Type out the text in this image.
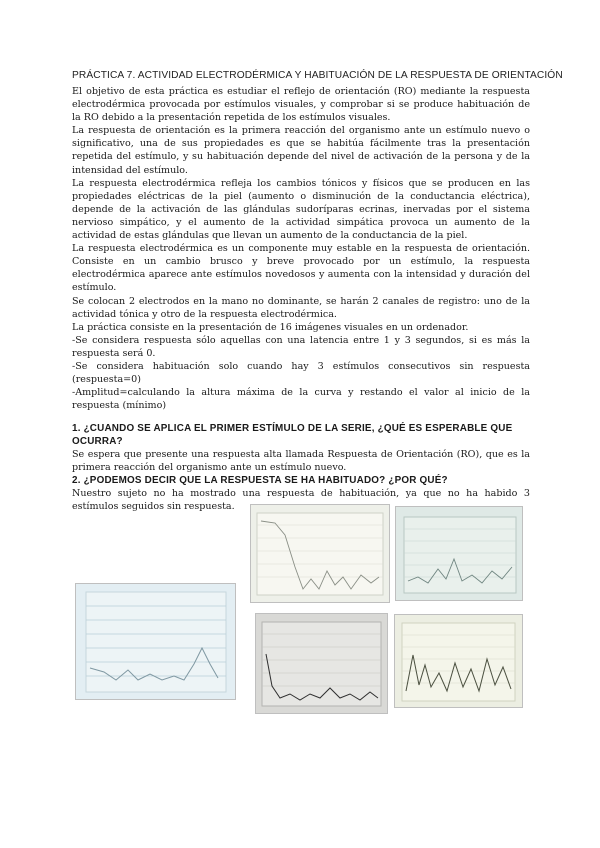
PRÁCTICA 7. ACTIVIDAD ELECTRODÉRMICA Y HABITUACIÓN DE LA RESPUESTA DE ORIENTACIÓN

El objetivo de esta práctica es estudiar el reflejo de orientación (RO) mediante la respuesta electrodérmica provocada por estímulos visuales, y comprobar si se produce habituación de la RO debido a la presentación repetida de los estímulos visuales.

La respuesta de orientación es la primera reacción del organismo ante un estímulo nuevo o significativo, una de sus propiedades es que se habitúa fácilmente tras la presentación repetida del estímulo, y su habituación depende del nivel de activación de la persona y de la intensidad del estímulo.

La respuesta electrodérmica refleja los cambios tónicos y físicos que se producen en las propiedades eléctricas de la piel (aumento o disminución de la conductancia eléctrica), depende de la activación de las glándulas sudoríparas ecrinas, inervadas por el sistema nervioso simpático, y el aumento de la actividad simpática provoca un aumento de la actividad de estas glándulas que llevan un aumento de la conductancia de la piel.

La respuesta electrodérmica es un componente muy estable en la respuesta de orientación. Consiste en un cambio brusco y breve provocado por un estímulo, la respuesta electrodérmica aparece ante estímulos novedosos y aumenta con la intensidad y duración del estímulo.

Se colocan 2 electrodos en la mano no dominante, se harán 2 canales de registro: uno de la actividad tónica y otro de la respuesta electrodérmica.

La práctica consiste en la presentación de 16 imágenes visuales en un ordenador.

-Se considera respuesta sólo aquellas con una latencia entre 1 y 3 segundos, si es más la respuesta será 0.

-Se considera habituación solo cuando hay 3 estímulos consecutivos sin respuesta (respuesta=0)

-Amplitud=calculando la altura máxima de la curva y restando el valor al inicio de la respuesta (mínimo)

1. ¿CUANDO SE APLICA EL PRIMER ESTÍMULO DE LA SERIE, ¿QUÉ ES ESPERABLE QUE OCURRA?

Se espera que presente una respuesta alta llamada Respuesta de Orientación (RO), que es la primera reacción del organismo ante un estímulo nuevo.

2. ¿PODEMOS DECIR QUE LA RESPUESTA SE HA HABITUADO? ¿POR QUÉ?

Nuestro sujeto no ha mostrado una respuesta de habituación, ya que no ha habido 3 estímulos seguidos sin respuesta.
